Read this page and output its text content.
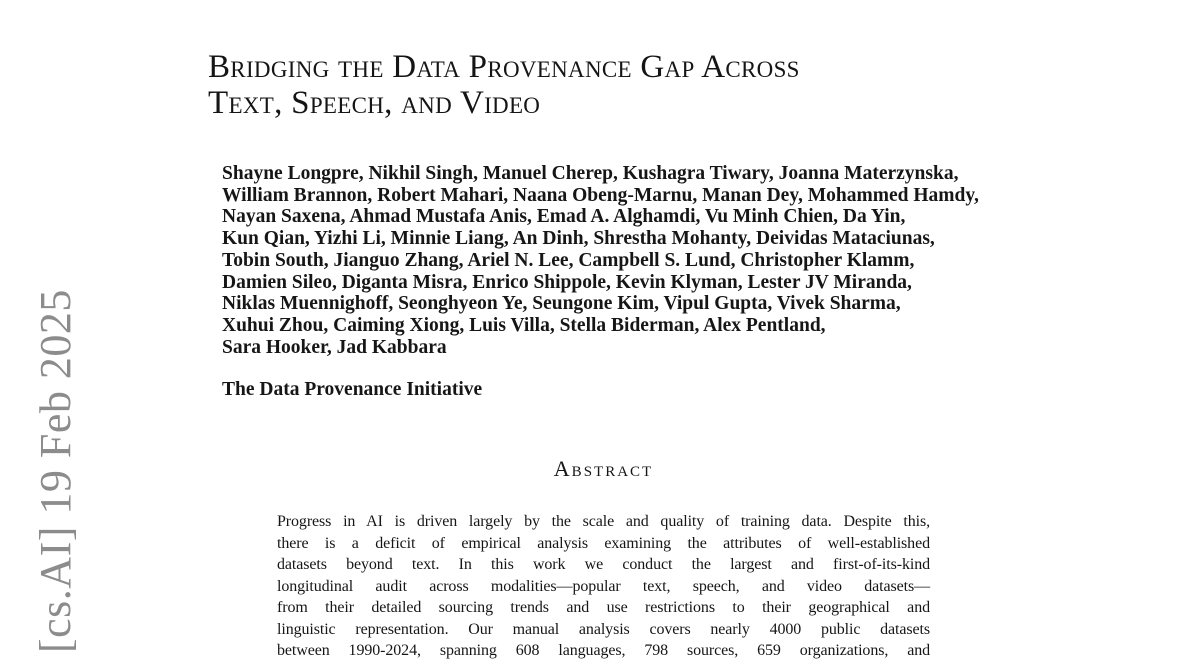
[cs.AI] 19 Feb 2025
Bridging the Data Provenance Gap Across
Text, Speech, and Video
Shayne Longpre, Nikhil Singh, Manuel Cherep, Kushagra Tiwary, Joanna Materzynska,
William Brannon, Robert Mahari, Naana Obeng-Marnu, Manan Dey, Mohammed Hamdy,
Nayan Saxena, Ahmad Mustafa Anis, Emad A. Alghamdi, Vu Minh Chien, Da Yin,
Kun Qian, Yizhi Li, Minnie Liang, An Dinh, Shrestha Mohanty, Deividas Mataciunas,
Tobin South, Jianguo Zhang, Ariel N. Lee, Campbell S. Lund, Christopher Klamm,
Damien Sileo, Diganta Misra, Enrico Shippole, Kevin Klyman, Lester JV Miranda,
Niklas Muennighoff, Seonghyeon Ye, Seungone Kim, Vipul Gupta, Vivek Sharma,
Xuhui Zhou, Caiming Xiong, Luis Villa, Stella Biderman, Alex Pentland,
Sara Hooker, Jad Kabbara
The Data Provenance Initiative
Abstract
Progress in AI is driven largely by the scale and quality of training data. Despite this,
there is a deficit of empirical analysis examining the attributes of well-established
datasets beyond text. In this work we conduct the largest and first-of-its-kind
longitudinal audit across modalities—popular text, speech, and video datasets—
from their detailed sourcing trends and use restrictions to their geographical and
linguistic representation. Our manual analysis covers nearly 4000 public datasets
between 1990-2024, spanning 608 languages, 798 sources, 659 organizations, and
